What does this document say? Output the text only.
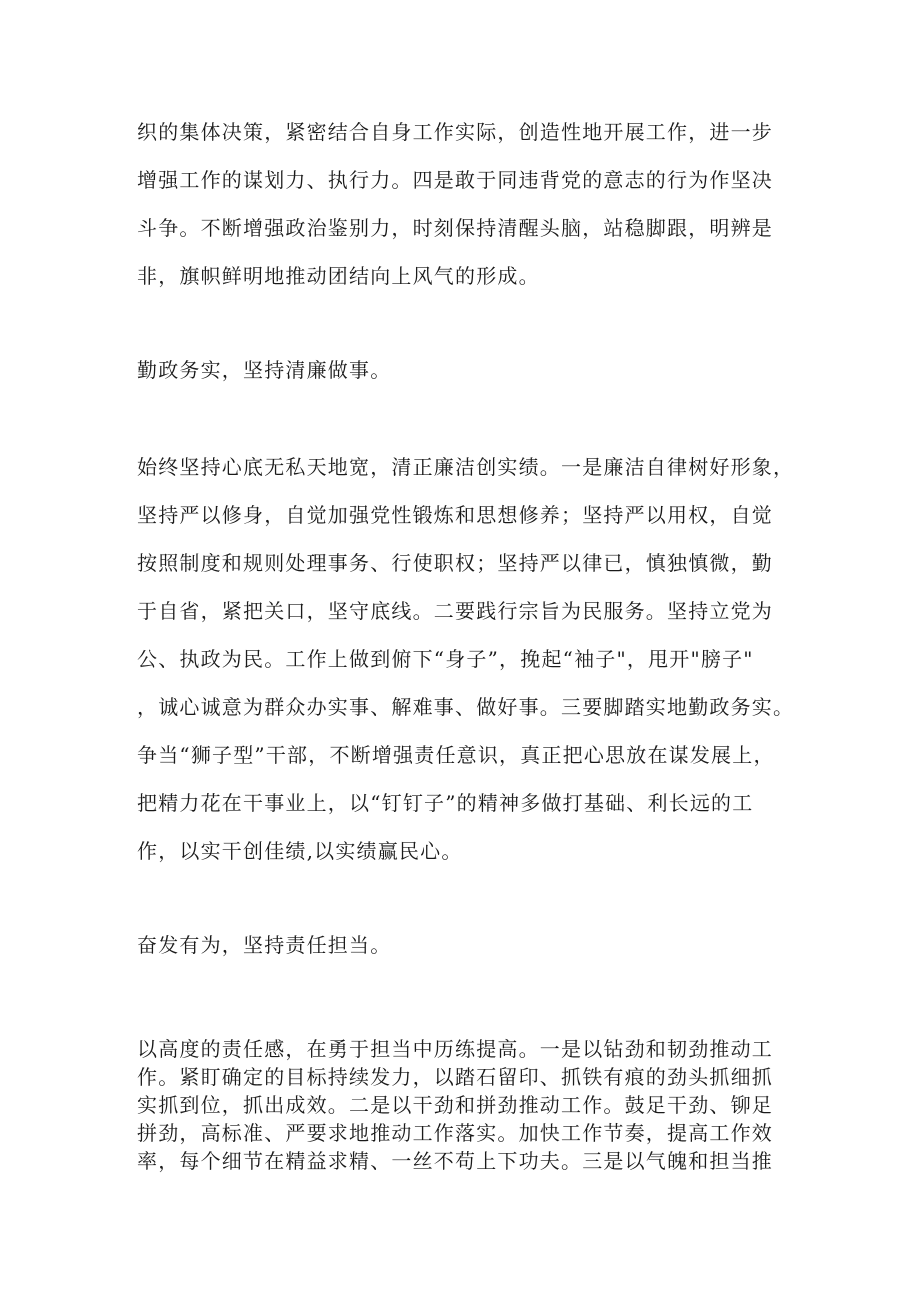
织的集体决策，紧密结合自身工作实际，创造性地开展工作，进一步
增强工作的谋划力、执行力。四是敢于同违背党的意志的行为作坚决
斗争。不断增强政治鉴别力，时刻保持清醒头脑，站稳脚跟，明辨是
非，旗帜鲜明地推动团结向上风气的形成。
勤政务实，坚持清廉做事。
始终坚持心底无私天地宽，清正廉洁创实绩。一是廉洁自律树好形象，
坚持严以修身，自觉加强党性锻炼和思想修养；坚持严以用权，自觉
按照制度和规则处理事务、行使职权；坚持严以律已，慎独慎微，勤
于自省，紧把关口，坚守底线。二要践行宗旨为民服务。坚持立党为
公、执政为民。工作上做到俯下“身子”，挽起“袖子"，甩开"膀子"
，诚心诚意为群众办实事、解难事、做好事。三要脚踏实地勤政务实。
争当“狮子型”干部，不断增强责任意识，真正把心思放在谋发展上，
把精力花在干事业上，以“钉钉子”的精神多做打基础、利长远的工
作，以实干创佳绩,以实绩赢民心。
奋发有为，坚持责任担当。
以高度的责任感，在勇于担当中历练提高。一是以钻劲和韧劲推动工
作。紧盯确定的目标持续发力，以踏石留印、抓铁有痕的劲头抓细抓
实抓到位，抓出成效。二是以干劲和拼劲推动工作。鼓足干劲、铆足
拼劲，高标准、严要求地推动工作落实。加快工作节奏，提高工作效
率，每个细节在精益求精、一丝不苟上下功夫。三是以气魄和担当推
